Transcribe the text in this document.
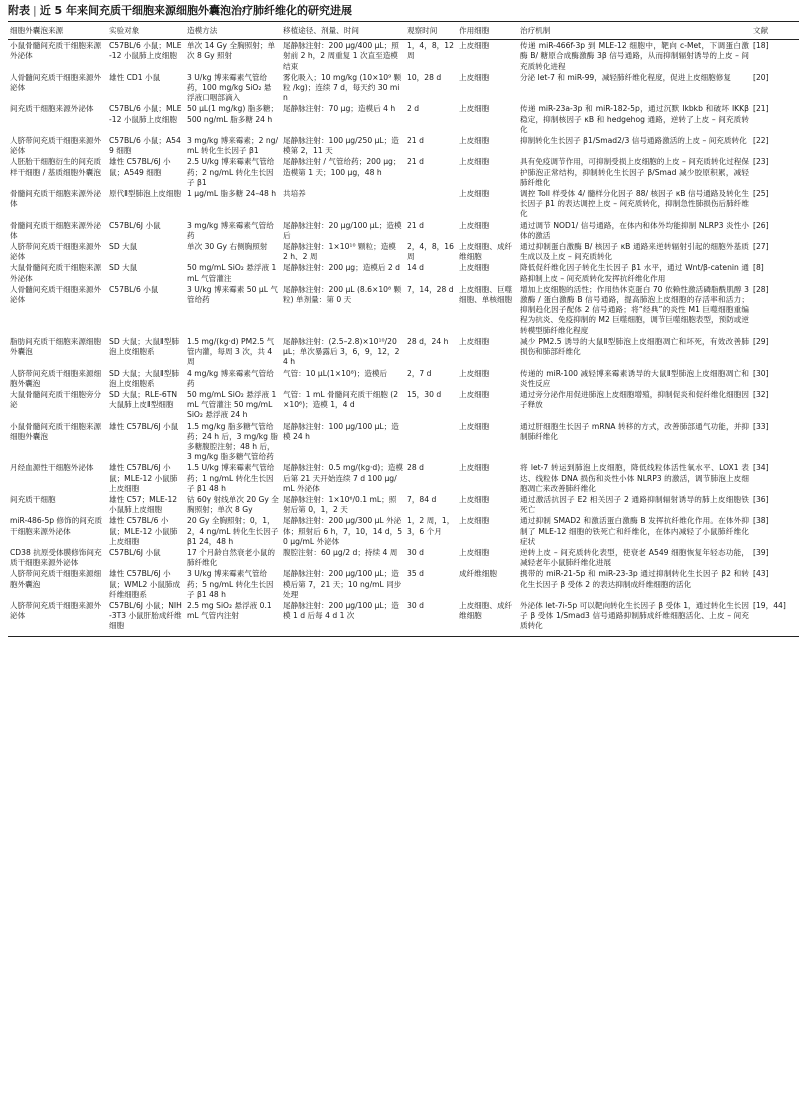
附表 | 近 5 年来间充质干细胞来源细胞外囊泡治疗肺纤维化的研究进展
细胞外囊泡来源	实验对象	造模方法	移植途径、剂量、时间	观察时间	作用细胞	治疗机制	文献
小鼠骨髓间充质干细胞来源外泌体	C57BL/6 小鼠；MLE-12 小鼠肺上皮细胞	单次 14 Gy 全胸照射；单次 8 Gy 照射	尾静脉注射：200 μg/400 μL；照射前 2 h，2 周重复 1 次直至造模结束	1，4，8，12 周	上皮细胞	传递 miR-466f-3p 到 MLE-12 细胞中，靶向 c-Met，下调蛋白激酶 B/ 糖原合成酶激酶 3β 信号通路，从而抑制辐射诱导的上皮 – 间充质转化进程	[18]
人骨髓间充质干细胞来源外泌体	雄性 CD1 小鼠	3 U/kg 博来霉素气管给药，100 mg/kg SiO₂ 悬浮液口咽部滴入	雾化吸入；10 mg/kg (10×10⁹ 颗粒 /kg)；连续 7 d，每天约 30 min	10，28 d	上皮细胞	分泌 let-7 和 miR-99，减轻肺纤维化程度，促进上皮细胞修复	[20]
间充质干细胞来源外泌体	C57BL/6 小鼠；MLE-12 小鼠肺上皮细胞	50 μL(1 mg/kg) 脂多糖；500 ng/mL 脂多糖 24 h	尾静脉注射：70 μg；造模后 4 h	2 d	上皮细胞	传递 miR-23a-3p 和 miR-182-5p，通过沉默 Ikbkb 和破坏 IKKβ 稳定，抑制核因子 κB 和 hedgehog 通路，逆转了上皮 – 间充质转化	[21]
人脐带间充质干细胞来源外泌体	C57BL/6 小鼠；A549 细胞	3 mg/kg 博来霉素；2 ng/mL 转化生长因子 β1	尾静脉注射：100 μg/250 μL；造模第 2，11 天	21 d	上皮细胞	抑制转化生长因子 β1/Smad2/3 信号通路激活的上皮 – 间充质转化	[22]
人胚胎干细胞衍生的间充质样干细胞 / 基质细胞外囊泡	雄性 C57BL/6J 小鼠；A549 细胞	2.5 U/kg 博来霉素气管给药；2 ng/mL 转化生长因子 β1	尾静脉注射 / 气管给药；200 μg；造模第 1 天；100 μg，48 h	21 d	上皮细胞	具有免疫调节作用，可抑制受损上皮细胞的上皮 – 间充质转化过程保护肺泡正常结构，抑制转化生长因子 β/Smad 减少胶原积累，减轻肺纤维化	[23]
骨髓间充质干细胞来源外泌体	原代Ⅱ型肺泡上皮细胞	1 μg/mL 脂多糖 24–48 h	共培养		上皮细胞	调控 Toll 样受体 4/ 髓样分化因子 88/ 核因子 κB 信号通路及转化生长因子 β1 的表达调控上皮 – 间充质转化，抑制急性肺损伤后肺纤维化	[25]
骨髓间充质干细胞来源外泌体	C57BL/6J 小鼠	3 mg/kg 博来霉素气管给药	尾静脉注射：20 μg/100 μL；造模后	21 d	上皮细胞	通过调节 NOD1/ 信号通路，在体内和体外均能抑制 NLRP3 炎性小体的激活	[26]
人脐带间充质干细胞来源外泌体	SD 大鼠	单次 30 Gy 右侧胸照射	尾静脉注射：1×10¹⁰ 颗粒；造模 2 h、2 周	2，4，8，16 周	上皮细胞、成纤维细胞	通过抑制蛋白激酶 B/ 核因子 κB 通路来逆转辐射引起的细胞外基质生成以及上皮 – 间充质转化	[27]
大鼠骨髓间充质干细胞来源外泌体	SD 大鼠	50 mg/mL SiO₂ 悬浮液 1 mL 气管灌注	尾静脉注射：200 μg；造模后 2 d	14 d	上皮细胞	降低促纤维化因子转化生长因子 β1 水平，通过 Wnt/β-catenin 通路抑制上皮 – 间充质转化发挥抗纤维化作用	[8]
人骨髓间充质干细胞来源外泌体	C57BL/6 小鼠	3 U/kg 博来霉素 50 μL 气管给药	尾静脉注射：200 μL (8.6×10⁸ 颗粒) 单剂量：第 0 天	7，14，28 d	上皮细胞、巨噬细胞、单核细胞	增加上皮细胞的活性；作用热休克蛋白 70 依赖性激活磷脂酰肌醇 3 激酶 / 蛋白激酶 B 信号通路，提高肺泡上皮细胞的存活率和活力；抑制趋化因子配体 2 信号通路；将“经典”的炎性 M1 巨噬细胞重编程为抗炎、免疫抑制的 M2 巨噬细胞，调节巨噬细胞表型，预防或逆转模型肺纤维化程度	[28]
脂肪间充质干细胞来源细胞外囊泡	SD 大鼠；大鼠Ⅱ型肺泡上皮细胞系	1.5 mg/(kg·d) PM2.5 气管内灌，每周 3 次，共 4 周	尾静脉注射：(2.5–2.8)×10¹⁰/20 μL；单次暴露后 3，6，9，12，24 h	28 d，24 h	上皮细胞	减少 PM2.5 诱导的大鼠Ⅱ型肺泡上皮细胞凋亡和坏死，有效改善肺损伤和肺部纤维化	[29]
人脐带间充质干细胞来源细胞外囊泡	SD 大鼠；大鼠Ⅱ型肺泡上皮细胞系	4 mg/kg 博来霉素气管给药	气管：10 μL(1×10⁸)；造模后	2，7 d	上皮细胞	传递的 miR-100 减轻博来霉素诱导的大鼠Ⅱ型肺泡上皮细胞凋亡和炎性反应	[30]
大鼠骨髓间充质干细胞旁分泌	SD 大鼠；RLE-6TN 大鼠肺上皮Ⅱ型细胞	50 mg/mL SiO₂ 悬浮液 1 mL 气管灌注 50 mg/mL SiO₂ 悬浮液 24 h	气管：1 mL 骨髓间充质干细胞 (2×10⁶)；造模 1，4 d	15，30 d	上皮细胞	通过旁分泌作用促进肺泡上皮细胞增殖，抑制促炎和促纤维化细胞因子释放	[32]
小鼠骨髓间充质干细胞来源细胞外囊泡	雄性 C57BL/6J 小鼠	1.5 mg/kg 脂多糖气管给药；24 h 后，3 mg/kg 脂多糖腹腔注射；48 h 后，3 mg/kg 脂多糖气管给药	尾静脉注射：100 μg/100 μL；造模 24 h		上皮细胞	通过肝细胞生长因子 mRNA 转移的方式，改善肺部通气功能，并抑制肺纤维化	[33]
月经血源性干细胞外泌体	雄性 C57BL/6J 小鼠；MLE-12 小鼠肺上皮细胞	1.5 U/kg 博来霉素气管给药；1 ng/mL 转化生长因子 β1 48 h	尾静脉注射：0.5 mg/(kg·d)；造模后第 21 天开始连续 7 d 100 μg/mL 外泌体	28 d	上皮细胞	将 let-7 转运到肺泡上皮细胞，降低线粒体活性氧水平、LOX1 表达、线粒体 DNA 损伤和炎性小体 NLRP3 的激活，调节肺泡上皮细胞凋亡来改善肺纤维化	[34]
间充质干细胞	雄性 C57；MLE-12 小鼠肺上皮细胞	钴 60γ 射线单次 20 Gy 全胸照射；单次 8 Gy	尾静脉注射：1×10⁶/0.1 mL；照射后第 0，1，2 天	7，84 d	上皮细胞	通过激活抗因子 E2 相关因子 2 通路抑制辐射诱导的肺上皮细胞铁死亡	[36]
miR-486-5p 修饰的间充质干细胞来源外泌体	雄性 C57BL/6 小鼠；MLE-12 小鼠肺上皮细胞	20 Gy 全胸照射；0，1，2，4 ng/mL 转化生长因子 β1 24，48 h	尾静脉注射：200 μg/300 μL 外泌体；照射后 6 h，7，10，14 d，50 μg/mL 外泌体	1，2 周，1，3，6 个月	上皮细胞	通过抑制 SMAD2 和激活蛋白激酶 B 发挥抗纤维化作用。在体外抑制了 MLE-12 细胞的铁死亡和纤维化，在体内减轻了小鼠肺纤维化症状	[38]
CD38 抗原受体膜修饰间充质干细胞来源外泌体	C57BL/6J 小鼠	17 个月龄自然衰老小鼠的肺纤维化	腹腔注射：60 μg/2 d；持续 4 周	30 d	上皮细胞	逆转上皮 – 间充质转化表型，使衰老 A549 细胞恢复年轻态功能，减轻老年小鼠肺纤维化进展	[39]
人脐带间充质干细胞来源细胞外囊泡	雄性 C57BL/6J 小鼠；WML2 小鼠肺成纤维细胞系	3 U/kg 博来霉素气管给药；5 ng/mL 转化生长因子 β1 48 h	尾静脉注射：200 μg/100 μL；造模后第 7，21 天；10 ng/mL 同步处理	35 d	成纤维细胞	携带的 miR-21-5p 和 miR-23-3p 通过抑制转化生长因子 β2 和转化生长因子 β 受体 2 的表达抑制成纤维细胞的活化	[43]
人脐带间充质干细胞来源外泌体	C57BL/6J 小鼠；NIH-3T3 小鼠肝胎成纤维细胞	2.5 mg SiO₂ 悬浮液 0.1 mL 气管内注射	尾静脉注射：200 μg/100 μL；造模 1 d 后每 4 d 1 次	30 d	上皮细胞、成纤维细胞	外泌体 let-7i-5p 可以靶向转化生长因子 β 受体 1，通过转化生长因子 β 受体 1/Smad3 信号通路抑制肺成纤维细胞活化、上皮 – 间充质转化	[19，44]
